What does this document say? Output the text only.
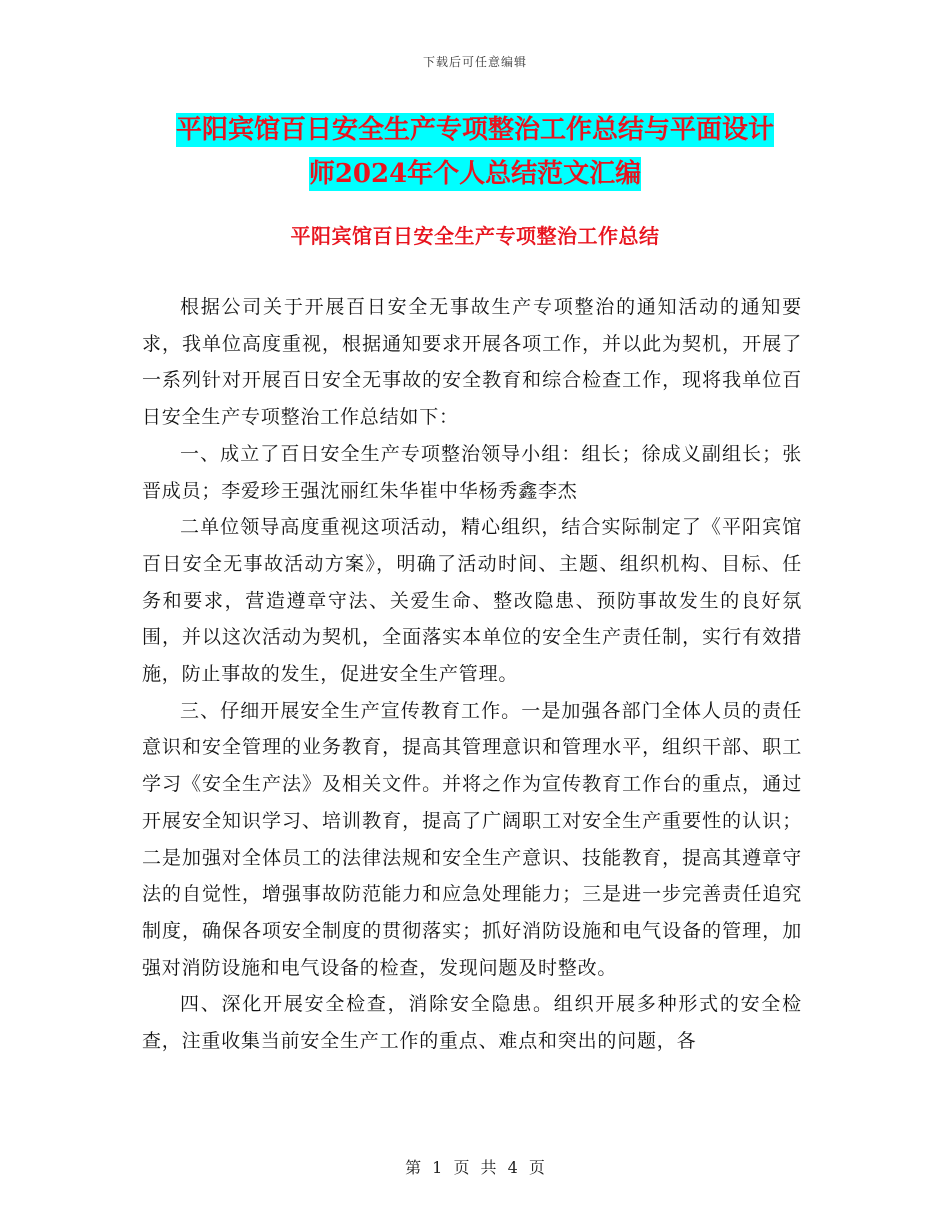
下载后可任意编辑
平阳宾馆百日安全生产专项整治工作总结与平面设计
师2024年个人总结范文汇编
平阳宾馆百日安全生产专项整治工作总结

根据公司关于开展百日安全无事故生产专项整治的通知活动的通知要求，我单位高度重视，根据通知要求开展各项工作，并以此为契机，开展了一系列针对开展百日安全无事故的安全教育和综合检查工作，现将我单位百日安全生产专项整治工作总结如下：

一、成立了百日安全生产专项整治领导小组：组长；徐成义副组长；张晋成员；李爱珍王强沈丽红朱华崔中华杨秀鑫李杰

二单位领导高度重视这项活动，精心组织，结合实际制定了《平阳宾馆百日安全无事故活动方案》，明确了活动时间、主题、组织机构、目标、任务和要求，营造遵章守法、关爱生命、整改隐患、预防事故发生的良好氛围，并以这次活动为契机，全面落实本单位的安全生产责任制，实行有效措施，防止事故的发生，促进安全生产管理。

三、仔细开展安全生产宣传教育工作。一是加强各部门全体人员的责任意识和安全管理的业务教育，提高其管理意识和管理水平，组织干部、职工学习《安全生产法》及相关文件。并将之作为宣传教育工作台的重点，通过开展安全知识学习、培训教育，提高了广阔职工对安全生产重要性的认识；二是加强对全体员工的法律法规和安全生产意识、技能教育，提高其遵章守法的自觉性，增强事故防范能力和应急处理能力；三是进一步完善责任追究制度，确保各项安全制度的贯彻落实；抓好消防设施和电气设备的管理，加强对消防设施和电气设备的检查，发现问题及时整改。

四、深化开展安全检查，消除安全隐患。组织开展多种形式的安全检查，注重收集当前安全生产工作的重点、难点和突出的问题，各

第 1 页 共 4 页
